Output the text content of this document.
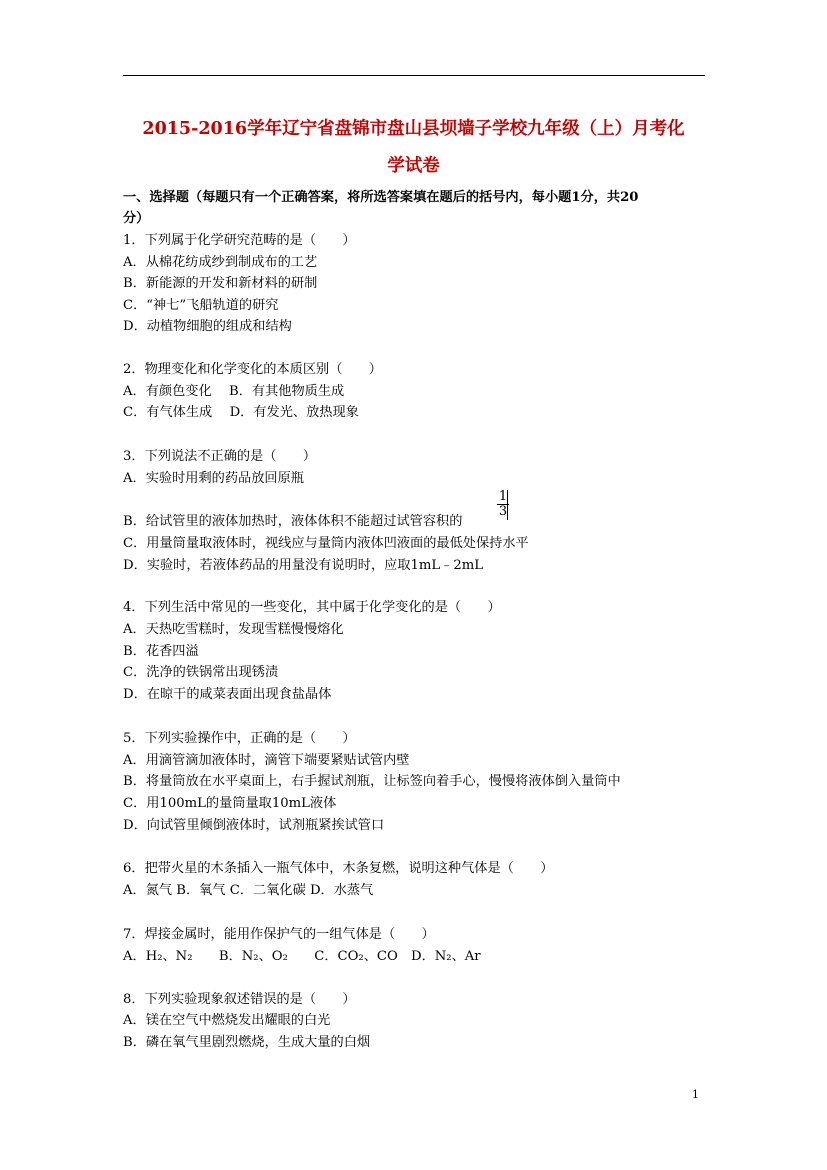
2015-2016学年辽宁省盘锦市盘山县坝墙子学校九年级（上）月考化
学试卷
一、选择题（每题只有一个正确答案，将所选答案填在题后的括号内，每小题1分，共20
分）
1．下列属于化学研究范畴的是（　　）
A．从棉花纺成纱到制成布的工艺
B．新能源的开发和新材料的研制
C．“神七”飞船轨道的研究
D．动植物细胞的组成和结构
2．物理变化和化学变化的本质区别（　　）
A．有颜色变化　 B．有其他物质生成
C．有气体生成　 D．有发光、放热现象
3．下列说法不正确的是（　　）
A．实验时用剩的药品放回原瓶
B．给试管里的液体加热时，液体体积不能超过试管容积的
$\frac{1}{3}$
C．用量筒量取液体时，视线应与量筒内液体凹液面的最低处保持水平
D．实验时，若液体药品的用量没有说明时，应取1mL﹣2mL
4．下列生活中常见的一些变化，其中属于化学变化的是（　　）
A．天热吃雪糕时，发现雪糕慢慢熔化
B．花香四溢
C．洗净的铁锅常出现锈渍
D．在晾干的咸菜表面出现食盐晶体
5．下列实验操作中，正确的是（　　）
A．用滴管滴加液体时，滴管下端要紧贴试管内壁
B．将量筒放在水平桌面上，右手握试剂瓶，让标签向着手心，慢慢将液体倒入量筒中
C．用100mL的量筒量取10mL液体
D．向试管里倾倒液体时，试剂瓶紧挨试管口
6．把带火星的木条插入一瓶气体中，木条复燃，说明这种气体是（　　）
A．氮气 B．氧气 C．二氧化碳 D．水蒸气
7．焊接金属时，能用作保护气的一组气体是（　　）
A．H₂、N₂　　B．N₂、O₂　　C．CO₂、CO　D．N₂、Ar
8．下列实验现象叙述错误的是（　　）
A．镁在空气中燃烧发出耀眼的白光
B．磷在氧气里剧烈燃烧，生成大量的白烟
1
